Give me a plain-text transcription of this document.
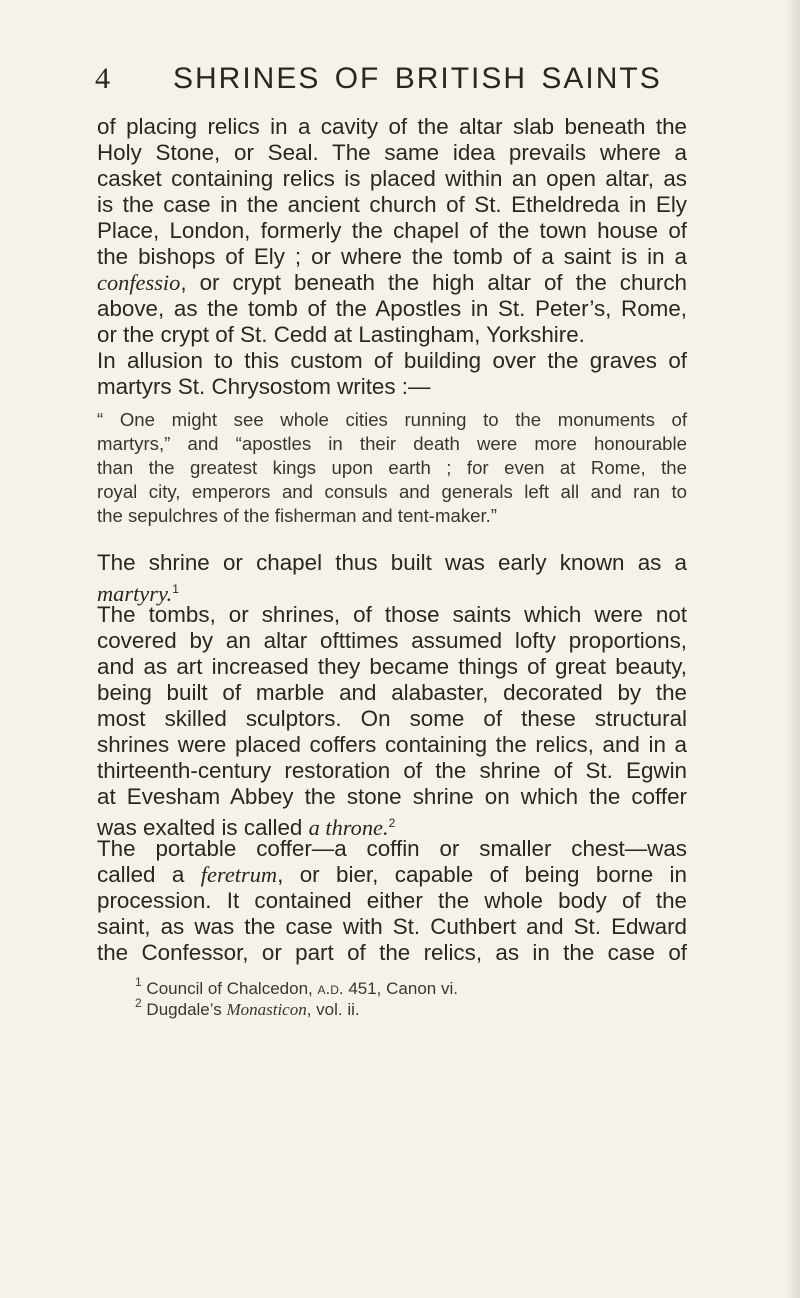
4 SHRINES OF BRITISH SAINTS
of placing relics in a cavity of the altar slab beneath the
Holy Stone, or Seal. The same idea prevails where a
casket containing relics is placed within an open altar, as
is the case in the ancient church of St. Etheldreda in Ely
Place, London, formerly the chapel of the town house of
the bishops of Ely ; or where the tomb of a saint is in a
confessio, or crypt beneath the high altar of the church
above, as the tomb of the Apostles in St. Peter’s, Rome,
or the crypt of St. Cedd at Lastingham, Yorkshire.
In allusion to this custom of building over the graves of
martyrs St. Chrysostom writes :—
“ One might see whole cities running to the monuments of
martyrs,” and “apostles in their death were more honourable
than the greatest kings upon earth ; for even at Rome, the
royal city, emperors and consuls and generals left all and ran to
the sepulchres of the fisherman and tent-maker.”
The shrine or chapel thus built was early known as a
martyry.$^1$
The tombs, or shrines, of those saints which were not
covered by an altar ofttimes assumed lofty proportions,
and as art increased they became things of great beauty,
being built of marble and alabaster, decorated by the
most skilled sculptors. On some of these structural
shrines were placed coffers containing the relics, and in a
thirteenth-century restoration of the shrine of St. Egwin
at Evesham Abbey the stone shrine on which the coffer
was exalted is called a throne.$^2$
The portable coffer—a coffin or smaller chest—was
called a feretrum, or bier, capable of being borne in
procession. It contained either the whole body of the
saint, as was the case with St. Cuthbert and St. Edward
the Confessor, or part of the relics, as in the case of
$^1$ Council of Chalcedon, a.d. 451, Canon vi.
$^2$ Dugdale’s Monasticon, vol. ii.
